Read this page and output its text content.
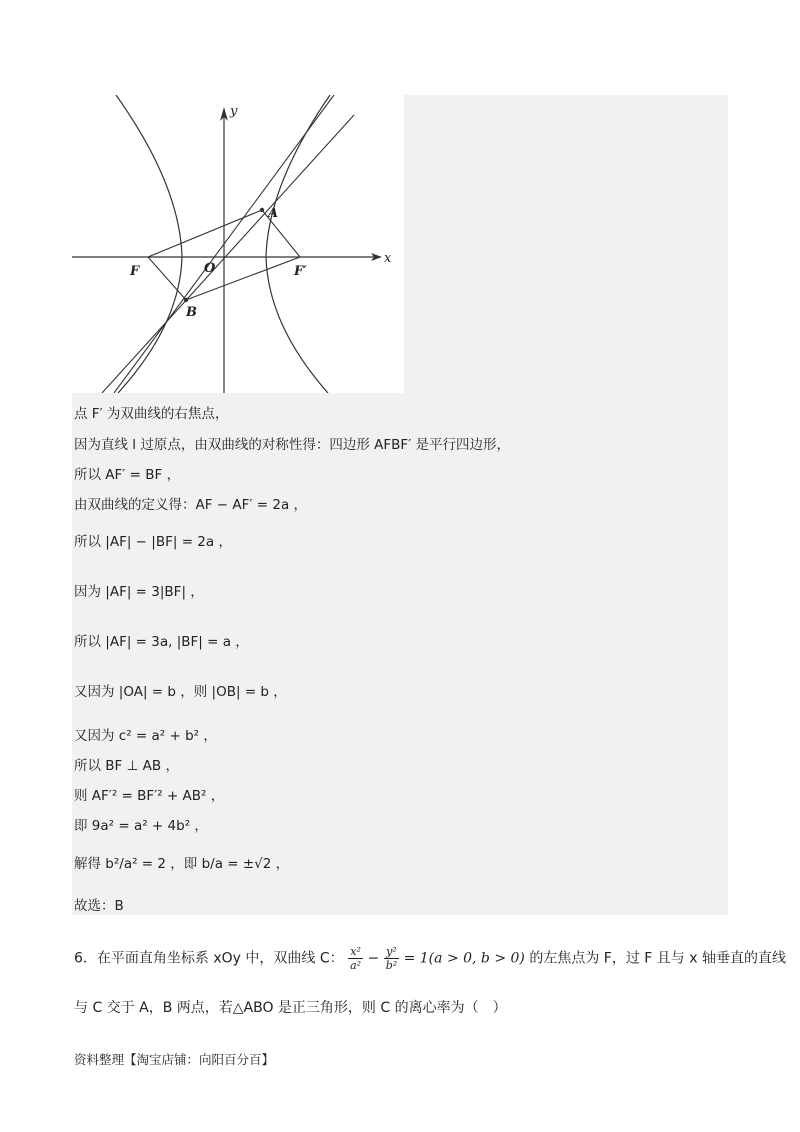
y
x
F	O	F′
A
B
点 F′ 为双曲线的右焦点，
因为直线 l 过原点，由双曲线的对称性得：四边形 AFBF′ 是平行四边形，
所以 AF′ = BF ，
由双曲线的定义得：AF − AF′ = 2a ，
所以 |AF| − |BF| = 2a ，
因为 |AF| = 3|BF| ，
所以 |AF| = 3a, |BF| = a ，
又因为 |OA| = b ，则 |OB| = b ，
又因为 c² = a² + b² ，
所以 BF ⊥ AB ，
则 AF′² = BF′² + AB² ，
即 9a² = a² + 4b² ，
解得 b²/a² = 2 ，即 b/a = ±√2 ，
故选：B
6．在平面直角坐标系 xOy 中，双曲线 C： $\frac{\text{x²}}{\text{a²}} - \frac{\text{y²}}{\text{b²}} = 1(a > 0$, b > 0) 的左焦点为 F，过 F 且与 x 轴垂直的直线
与 C 交于 A，B 两点，若△ABO 是正三角形，则 C 的离心率为（　）
资料整理【淘宝店铺：向阳百分百】
